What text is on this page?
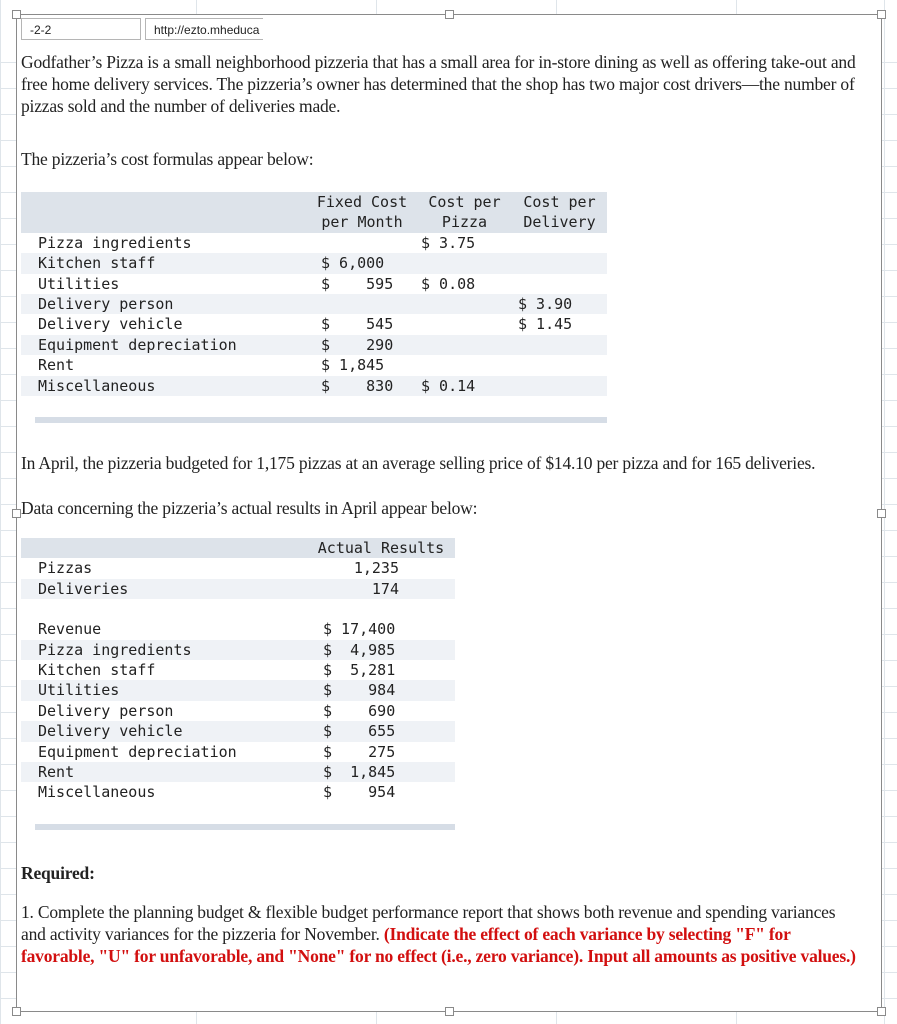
-2-2	http://ezto.mheduca

Godfather’s Pizza is a small neighborhood pizzeria that has a small area for in-store dining as well as offering take-out and free home delivery services. The pizzeria’s owner has determined that the shop has two major cost drivers—the number of pizzas sold and the number of deliveries made.

The pizzeria’s cost formulas appear below:

	Fixed Cost	Cost per	Cost per
	per Month	Pizza	Delivery
Pizza ingredients		$ 3.75	
Kitchen staff	$ 6,000		
Utilities	$    595	$ 0.08	
Delivery person			$ 3.90
Delivery vehicle	$    545		$ 1.45
Equipment depreciation	$    290		
Rent	$ 1,845		
Miscellaneous	$    830	$ 0.14	

In April, the pizzeria budgeted for 1,175 pizzas at an average selling price of $14.10 per pizza and for 165 deliveries.

Data concerning the pizzeria’s actual results in April appear below:

	Actual Results
Pizzas	1,235
Deliveries	174

Revenue	$ 17,400
Pizza ingredients	$  4,985
Kitchen staff	$  5,281
Utilities	$    984
Delivery person	$    690
Delivery vehicle	$    655
Equipment depreciation	$    275
Rent	$  1,845
Miscellaneous	$    954

Required:

1. Complete the planning budget & flexible budget performance report that shows both revenue and spending variances and activity variances for the pizzeria for November. (Indicate the effect of each variance by selecting "F" for favorable, "U" for unfavorable, and "None" for no effect (i.e., zero variance). Input all amounts as positive values.)
